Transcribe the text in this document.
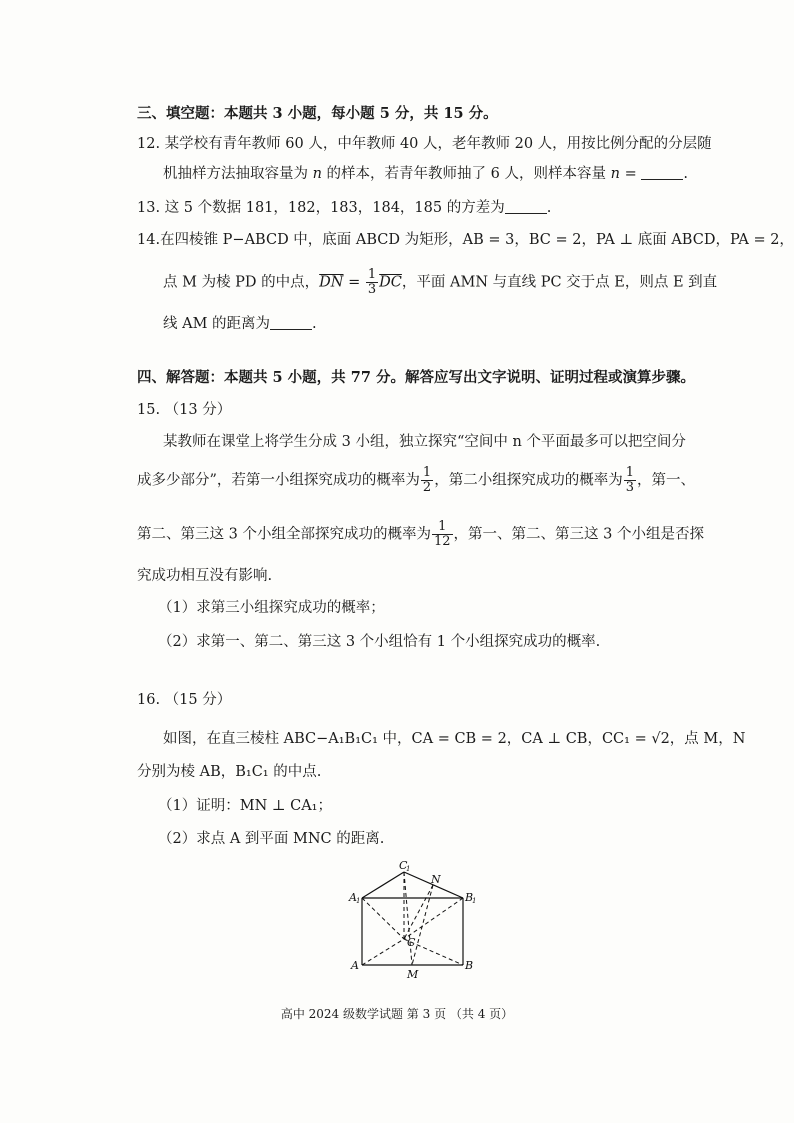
三、填空题：本题共 3 小题，每小题 5 分，共 15 分。
12. 某学校有青年教师 60 人，中年教师 40 人，老年教师 20 人，用按比例分配的分层随
机抽样方法抽取容量为 n 的样本，若青年教师抽了 6 人，则样本容量 n =	.
13. 这 5 个数据 181，182，183，184，185 的方差为	.
14.在四棱锥 P−ABCD 中，底面 ABCD 为矩形，AB = 3，BC = 2，PA ⊥ 底面 ABCD，PA = 2，
点 M 为棱 PD 的中点，$\overline{DN} = \frac{1}{3} \overline{DC}$，平面 AMN 与直线 PC 交于点 E，则点 E 到直
线 AM 的距离为	.
四、解答题：本题共 5 小题，共 77 分。解答应写出文字说明、证明过程或演算步骤。
15. （13 分）
某教师在课堂上将学生分成 3 小组，独立探究“空间中 n 个平面最多可以把空间分
成多少部分”，若第一小组探究成功的概率为 $\frac{1}{2}$ ，第二小组探究成功的概率为 $\frac{1}{3}$ ，第一、
第二、第三这 3 个小组全部探究成功的概率为 $\frac{1}{12}$ ，第一、第二、第三这 3 个小组是否探
究成功相互没有影响.
（1）求第三小组探究成功的概率；
（2）求第一、第二、第三这 3 个小组恰有 1 个小组探究成功的概率.
16. （15 分）
如图，在直三棱柱 ABC−A₁B₁C₁ 中，CA = CB = 2，CA ⊥ CB，CC₁ = √2，点 M，N
分别为棱 AB，B₁C₁ 的中点.
（1）证明：MN ⊥ CA₁；
（2）求点 A 到平面 MNC 的距离.
C
1
N
A 1	B
1
C
A	B
M
高中 2024 级数学试题 第 3 页 （共 4 页）
